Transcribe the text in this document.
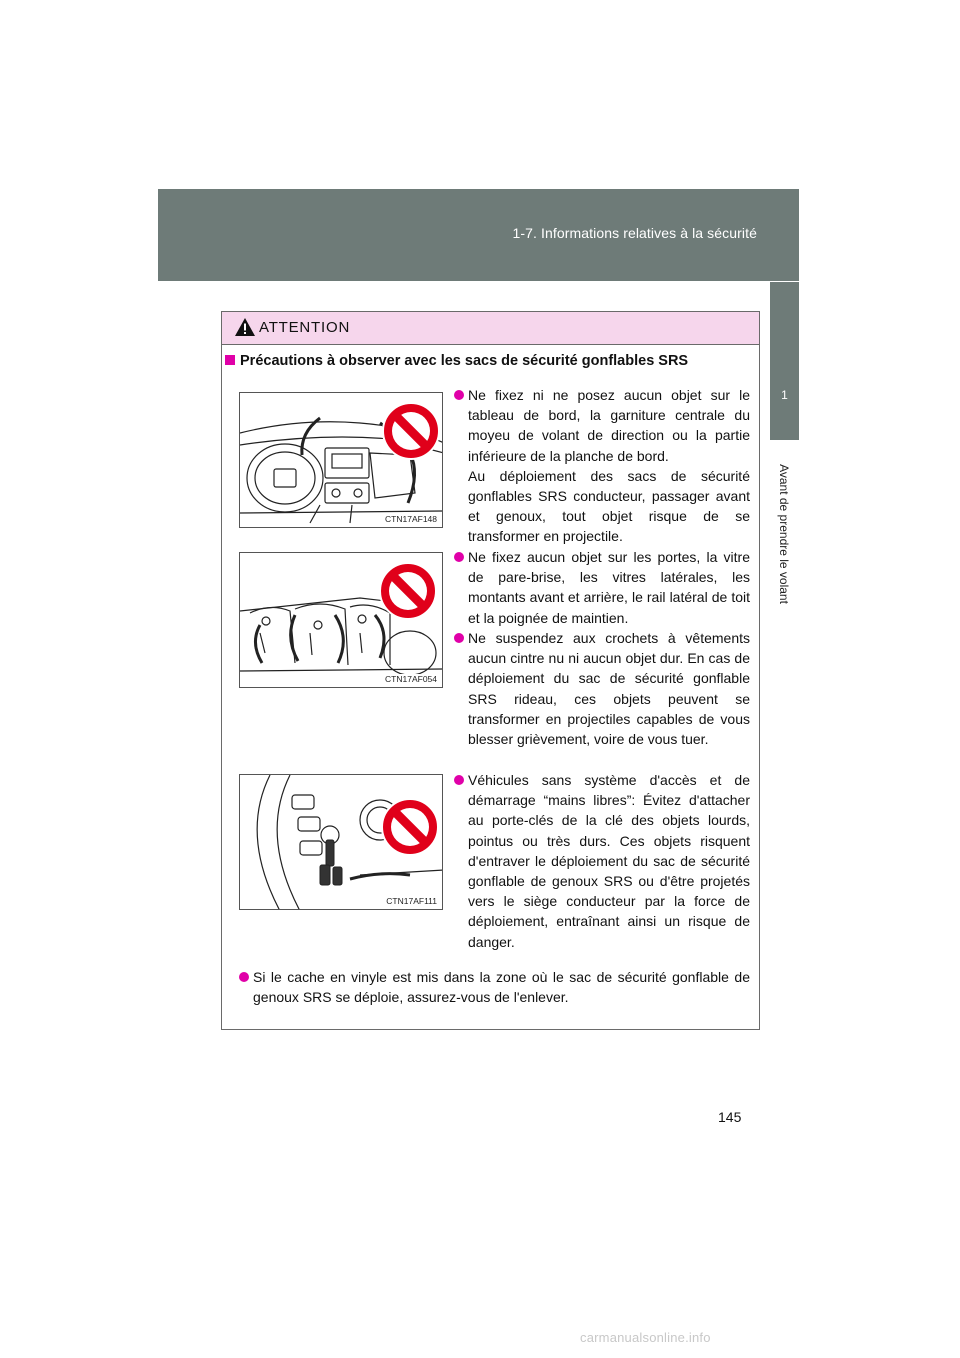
1-7. Informations relatives à la sécurité
1
Avant de prendre le volant
ATTENTION
Précautions à observer avec les sacs de sécurité gonflables SRS
CTN17AF148
CTN17AF054
CTN17AF111

Ne fixez ni ne posez aucun objet sur le tableau de bord, la garniture centrale du moyeu de volant de direction ou la partie inférieure de la planche de bord.

Au déploiement des sacs de sécurité gonflables SRS conducteur, passager avant et genoux, tout objet risque de se transformer en projectile.

Ne fixez aucun objet sur les portes, la vitre de pare-brise, les vitres latérales, les montants avant et arrière, le rail latéral de toit et la poignée de maintien.

Ne suspendez aux crochets à vêtements aucun cintre nu ni aucun objet dur. En cas de déploiement du sac de sécurité gonflable SRS rideau, ces objets peuvent se transformer en projectiles capables de vous blesser grièvement, voire de vous tuer.

Véhicules sans système d'accès et de démarrage “mains libres”: Évitez d'attacher au porte-clés de la clé des objets lourds, pointus ou très durs. Ces objets risquent d'entraver le déploiement du sac de sécurité gonflable de genoux SRS ou d'être projetés vers le siège conducteur par la force de déploiement, entraînant ainsi un risque de danger.

Si le cache en vinyle est mis dans la zone où le sac de sécurité gonflable de genoux SRS se déploie, assurez-vous de l'enlever.

145
carmanualsonline.info
